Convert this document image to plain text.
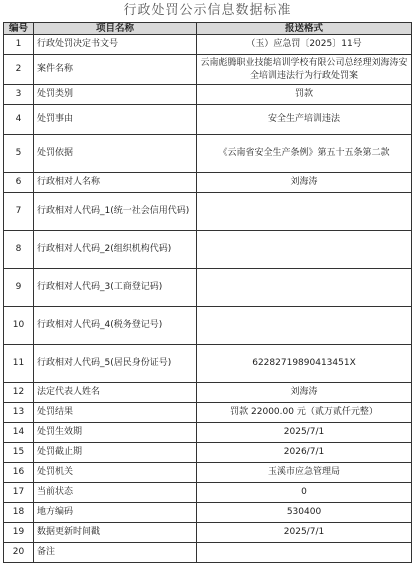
行政处罚公示信息数据标准
编号	项目名称	报送格式
1	行政处罚决定书文号	（玉）应急罚〔2025〕11号
2	案件名称	云南彪腾职业技能培训学校有限公司总经理刘海涛安全培训违法行为行政处罚案
3	处罚类别	罚款
4	处罚事由	安全生产培训违法
5	处罚依据	《云南省安全生产条例》第五十五条第二款
6	行政相对人名称	刘海涛
7	行政相对人代码_1(统一社会信用代码)	
8	行政相对人代码_2(组织机构代码)	
9	行政相对人代码_3(工商登记码)	
10	行政相对人代码_4(税务登记号)	
11	行政相对人代码_5(居民身份证号)	62282719890413451X
12	法定代表人姓名	刘海涛
13	处罚结果	罚款 22000.00 元（贰万贰仟元整）
14	处罚生效期	2025/7/1
15	处罚截止期	2026/7/1
16	处罚机关	玉溪市应急管理局
17	当前状态	0
18	地方编码	530400
19	数据更新时间戳	2025/7/1
20	备注	
